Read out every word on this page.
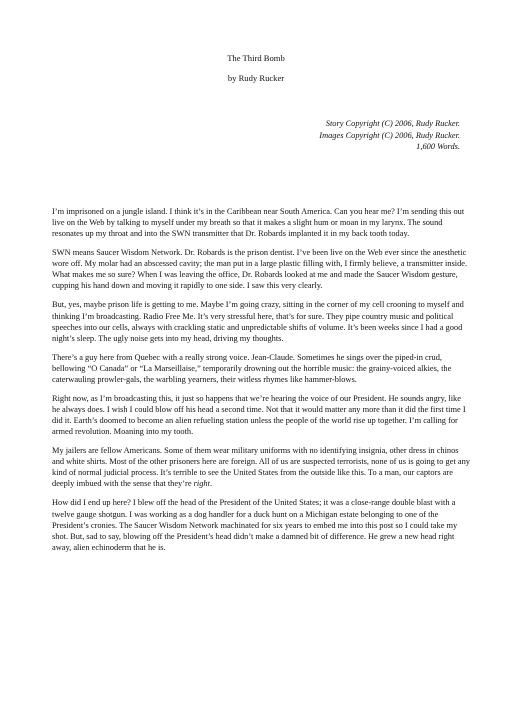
The Third Bomb
by Rudy Rucker
Story Copyright (C) 2006, Rudy Rucker.
Images Copyright (C) 2006, Rudy Rucker.
1,600 Words.

I’m imprisoned on a jungle island. I think it’s in the Caribbean near South America. Can you hear me? I’m sending this out live on the Web by talking to myself under my breath so that it makes a slight hum or moan in my larynx. The sound resonates up my throat and into the SWN transmitter that Dr. Robards implanted it in my back tooth today.

SWN means Saucer Wisdom Network. Dr. Robards is the prison dentist. I’ve been live on the Web ever since the anesthetic wore off. My molar had an abscessed cavity; the man put in a large plastic filling with, I firmly believe, a transmitter inside. What makes me so sure? When I was leaving the office, Dr. Robards looked at me and made the Saucer Wisdom gesture, cupping his hand down and moving it rapidly to one side. I saw this very clearly.

But, yes, maybe prison life is getting to me. Maybe I’m going crazy, sitting in the corner of my cell crooning to myself and thinking I’m broadcasting. Radio Free Me. It’s very stressful here, that’s for sure. They pipe country music and political speeches into our cells, always with crackling static and unpredictable shifts of volume. It’s been weeks since I had a good night’s sleep. The ugly noise gets into my head, driving my thoughts.

There’s a guy here from Quebec with a really strong voice. Jean-Claude. Sometimes he sings over the piped-in crud, bellowing “O Canada” or “La Marseillaise,” temporarily drowning out the horrible music: the grainy-voiced alkies, the caterwauling prowler-gals, the warbling yearners, their witless rhymes like hammer-blows.

Right now, as I’m broadcasting this, it just so happens that we’re hearing the voice of our President. He sounds angry, like he always does. I wish I could blow off his head a second time. Not that it would matter any more than it did the first time I did it. Earth’s doomed to become an alien refueling station unless the people of the world rise up together. I’m calling for armed revolution. Moaning into my tooth.

My jailers are fellow Americans. Some of them wear military uniforms with no identifying insignia, other dress in chinos and white shirts. Most of the other prisoners here are foreign. All of us are suspected terrorists, none of us is going to get any kind of normal judicial process. It’s terrible to see the United States from the outside like this. To a man, our captors are deeply imbued with the sense that they’re right.

How did I end up here? I blew off the head of the President of the United States; it was a close-range double blast with a twelve gauge shotgun. I was working as a dog handler for a duck hunt on a Michigan estate belonging to one of the President’s cronies. The Saucer Wisdom Network machinated for six years to embed me into this post so I could take my shot. But, sad to say, blowing off the President’s head didn’t make a damned bit of difference. He grew a new head right away, alien echinoderm that he is.
